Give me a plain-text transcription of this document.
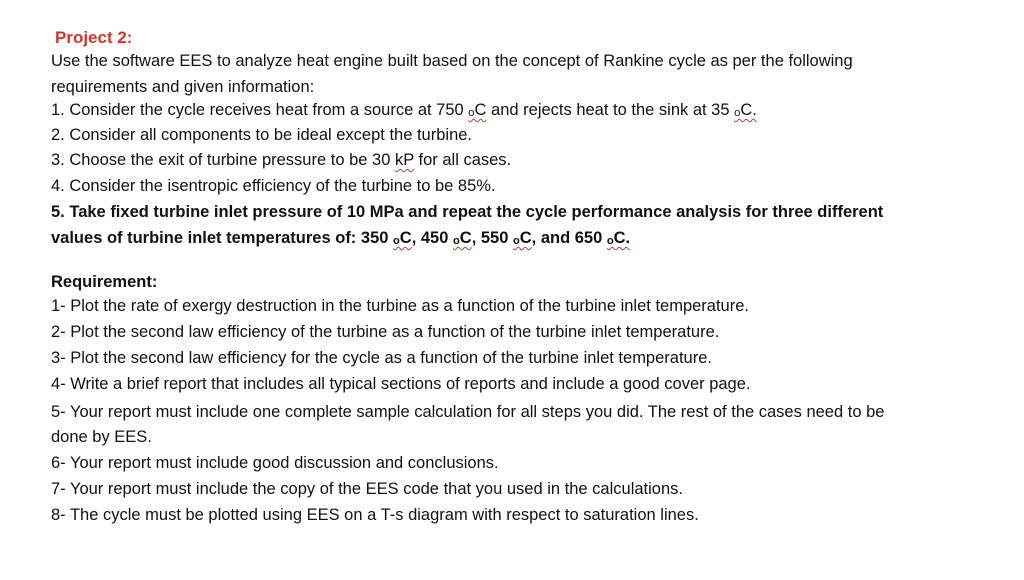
Project 2:
Use the software EES to analyze heat engine built based on the concept of Rankine cycle as per the following
requirements and given information:
1. Consider the cycle receives heat from a source at 750 ₒC and rejects heat to the sink at 35 ₒC.
2. Consider all components to be ideal except the turbine.
3. Choose the exit of turbine pressure to be 30 kP for all cases.
4. Consider the isentropic efficiency of the turbine to be 85%.
5. Take fixed turbine inlet pressure of 10 MPa and repeat the cycle performance analysis for three different
values of turbine inlet temperatures of: 350 ₒC, 450 ₒC, 550 ₒC, and 650 ₒC.
Requirement:
1- Plot the rate of exergy destruction in the turbine as a function of the turbine inlet temperature.
2- Plot the second law efficiency of the turbine as a function of the turbine inlet temperature.
3- Plot the second law efficiency for the cycle as a function of the turbine inlet temperature.
4- Write a brief report that includes all typical sections of reports and include a good cover page.
5- Your report must include one complete sample calculation for all steps you did. The rest of the cases need to be
done by EES.
6- Your report must include good discussion and conclusions.
7- Your report must include the copy of the EES code that you used in the calculations.
8- The cycle must be plotted using EES on a T-s diagram with respect to saturation lines.
